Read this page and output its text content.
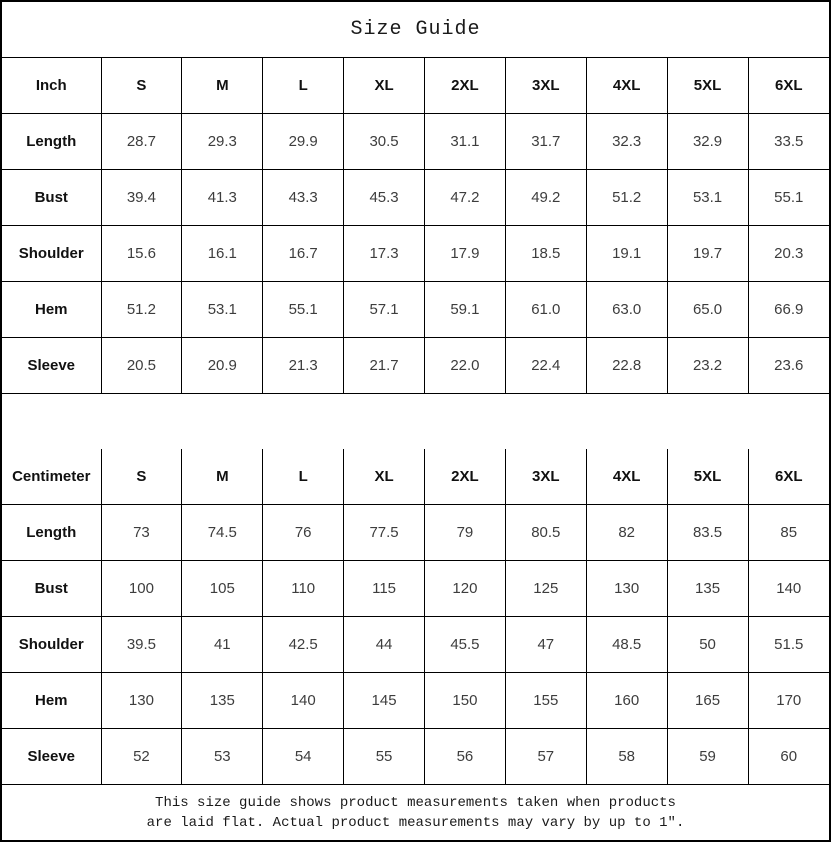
Size Guide
Inch	S	M	L	XL	2XL	3XL	4XL	5XL	6XL
Length	28.7	29.3	29.9	30.5	31.1	31.7	32.3	32.9	33.5
Bust	39.4	41.3	43.3	45.3	47.2	49.2	51.2	53.1	55.1
Shoulder	15.6	16.1	16.7	17.3	17.9	18.5	19.1	19.7	20.3
Hem	51.2	53.1	55.1	57.1	59.1	61.0	63.0	65.0	66.9
Sleeve	20.5	20.9	21.3	21.7	22.0	22.4	22.8	23.2	23.6
Centimeter	S	M	L	XL	2XL	3XL	4XL	5XL	6XL
Length	73	74.5	76	77.5	79	80.5	82	83.5	85
Bust	100	105	110	115	120	125	130	135	140
Shoulder	39.5	41	42.5	44	45.5	47	48.5	50	51.5
Hem	130	135	140	145	150	155	160	165	170
Sleeve	52	53	54	55	56	57	58	59	60
This size guide shows product measurements taken when products
are laid flat. Actual product measurements may vary by up to 1″.
